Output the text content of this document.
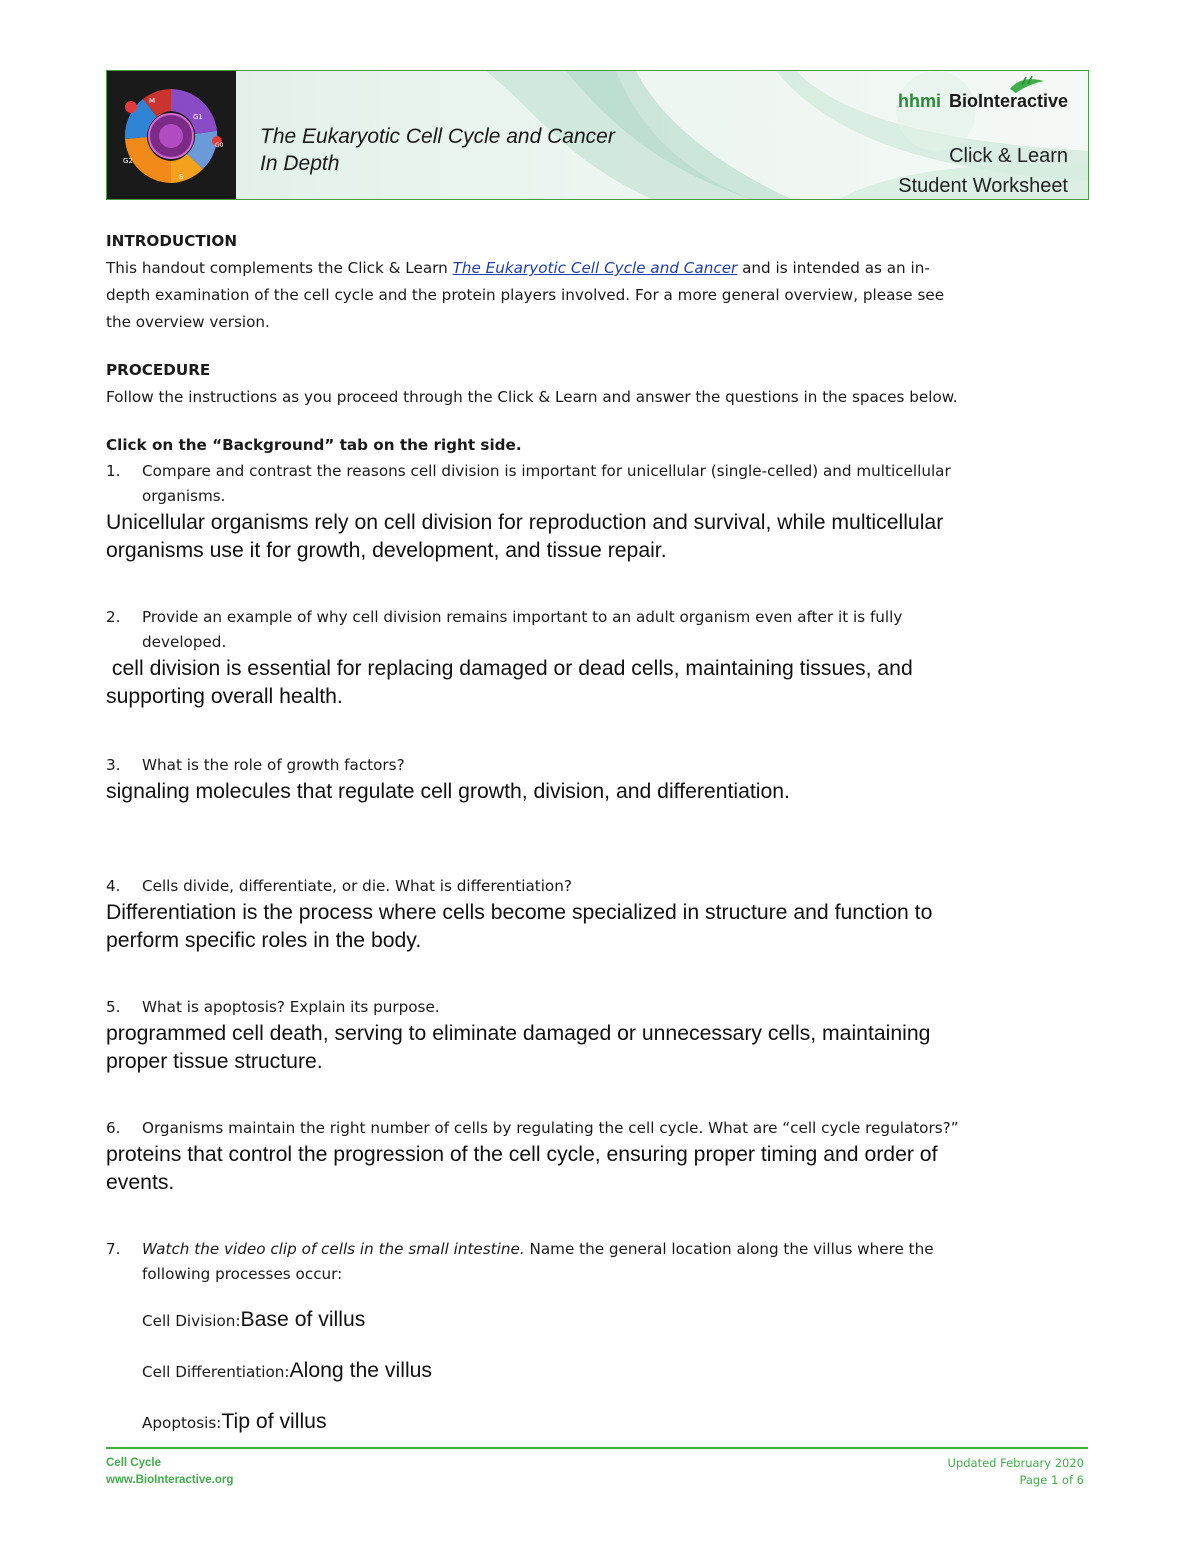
M
G1
G0
S
G2
The Eukaryotic Cell Cycle and Cancer
In Depth
hhmi BioInteractive
Click & Learn
Student Worksheet

INTRODUCTION

This handout complements the Click & Learn The Eukaryotic Cell Cycle and Cancer and is intended as an in-

depth examination of the cell cycle and the protein players involved. For a more general overview, please see

the overview version.

PROCEDURE

Follow the instructions as you proceed through the Click & Learn and answer the questions in the spaces below.

Click on the “Background” tab on the right side.

1. Compare and contrast the reasons cell division is important for unicellular (single-celled) and multicellular

organisms.

Unicellular organisms rely on cell division for reproduction and survival, while multicellular

organisms use it for growth, development, and tissue repair.

2. Provide an example of why cell division remains important to an adult organism even after it is fully

developed.

cell division is essential for replacing damaged or dead cells, maintaining tissues, and

supporting overall health.

3. What is the role of growth factors?

signaling molecules that regulate cell growth, division, and differentiation.

4. Cells divide, differentiate, or die. What is differentiation?

Differentiation is the process where cells become specialized in structure and function to

perform specific roles in the body.

5. What is apoptosis? Explain its purpose.

programmed cell death, serving to eliminate damaged or unnecessary cells, maintaining

proper tissue structure.

6. Organisms maintain the right number of cells by regulating the cell cycle. What are “cell cycle regulators?”

proteins that control the progression of the cell cycle, ensuring proper timing and order of

events.

7. Watch the video clip of cells in the small intestine. Name the general location along the villus where the

following processes occur:

Cell Division:Base of villus

Cell Differentiation:Along the villus

Apoptosis:Tip of villus

Cell Cycle
www.BioInteractive.org
Updated February 2020
Page 1 of 6
